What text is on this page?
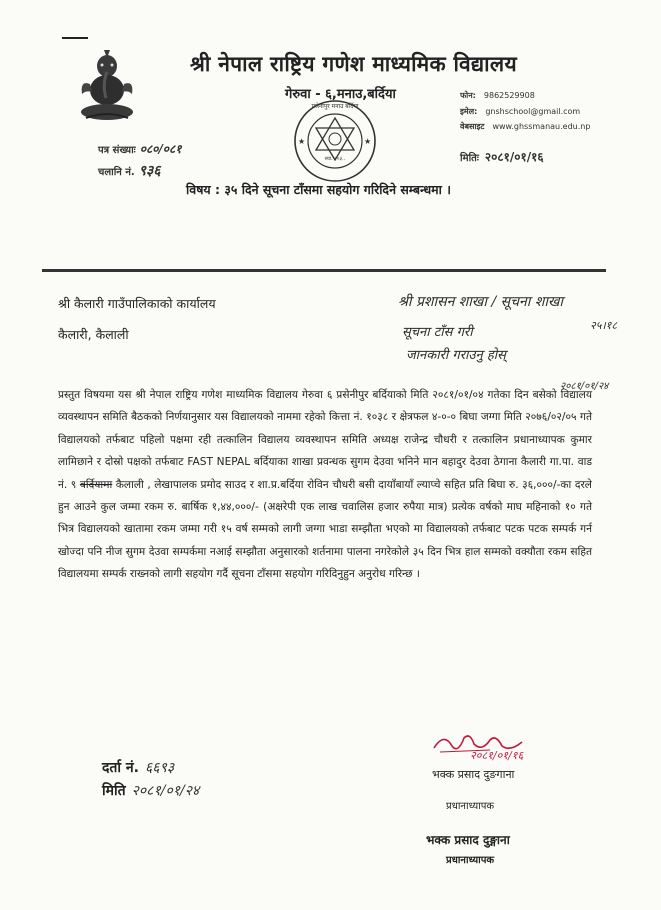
श्री नेपाल राष्ट्रिय गणेश माध्यमिक विद्यालय
गेरुवा - ६,मनाउ,बर्दिया
स्था. २०३..
प्रसेनीपुर मनाउ बर्दिया
★	★
फोन: 9862529908
इमेल: gnshschool@gmail.com
वेबसाइट www.ghssmanau.edu.np
पत्र संख्याः ०८०/०८१
चलानि नं. ९३६
मितिः २०८१/०१/१६
विषय : ३५ दिने सूचना टाँसमा सहयोग गरिदिने सम्बन्धमा ।
श्री कैलारी गाउँपालिकाको कार्यालय
कैलारी, कैलाली
श्री प्रशासन शाखा / सूचना शाखा
२५।१८
सूचना टाँस गरी
जानकारी गराउनु होस्
२०८१/०१/२४
प्रस्तुत विषयमा यस श्री नेपाल राष्ट्रिय गणेश माध्यमिक विद्यालय गेरुवा ६ प्रसेनीपुर बर्दियाको मिति २०८१/०१/०४ गतेका दिन बसेको विद्यालय व्यवस्थापन समिति बैठकको निर्णयानुसार यस विद्यालयको नाममा रहेको कित्ता नं. १०३८ र क्षेत्रफल ४-०-० बिघा जग्गा मिति २०७६/०२/०५ गते विद्यालयको तर्फबाट पहिलो पक्षमा रही तत्कालिन विद्यालय व्यवस्थापन समिति अध्यक्ष राजेन्द्र चौधरी र तत्कालिन प्रधानाध्यापक कुमार लामिछाने र दोस्रो पक्षको तर्फबाट FAST NEPAL बर्दियाका शाखा प्रवन्धक सुगम देउवा भनिने मान बहादुर देउवा ठेगाना कैलारी गा.पा. वाड नं. ९ बर्दियामा कैलाली , लेखापालक प्रमोद साउद र शा.प्र.बर्दिया रोविन चौधरी बसी दायाँबायाँ ल्याप्चे सहित प्रति बिघा रु. ३६,०००/-का दरले हुन आउने कुल जम्मा रकम रु. बार्षिक १,४४,०००/- (अक्षरेपी एक लाख चवालिस हजार रुपैया मात्र) प्रत्येक वर्षको माघ महिनाको १० गते भित्र विद्यालयको खातामा रकम जम्मा गरी १५ वर्ष सम्मको लागी जग्गा भाडा सम्झौता भएको मा विद्यालयको तर्फबाट पटक पटक सम्पर्क गर्न खोज्दा पनि नीज सुगम देउवा सम्पर्कमा नआई सम्झौता अनुसारको शर्तनामा पालना नगरेकोले ३५ दिन भित्र हाल सम्मको वक्यौता रकम सहित विद्यालयमा सम्पर्क राख्नको लागी सहयोग गर्दै सूचना टाँसमा सहयोग गरिदिनुहुन अनुरोध गरिन्छ ।
दर्ता नं. ६६९३
मिति २०८१/०१/२४
२०८१/०१/१६
भक्क प्रसाद दुङगाना
प्रधानाध्यापक
भक्क प्रसाद दुङ्गाना
प्रधानाध्यापक
